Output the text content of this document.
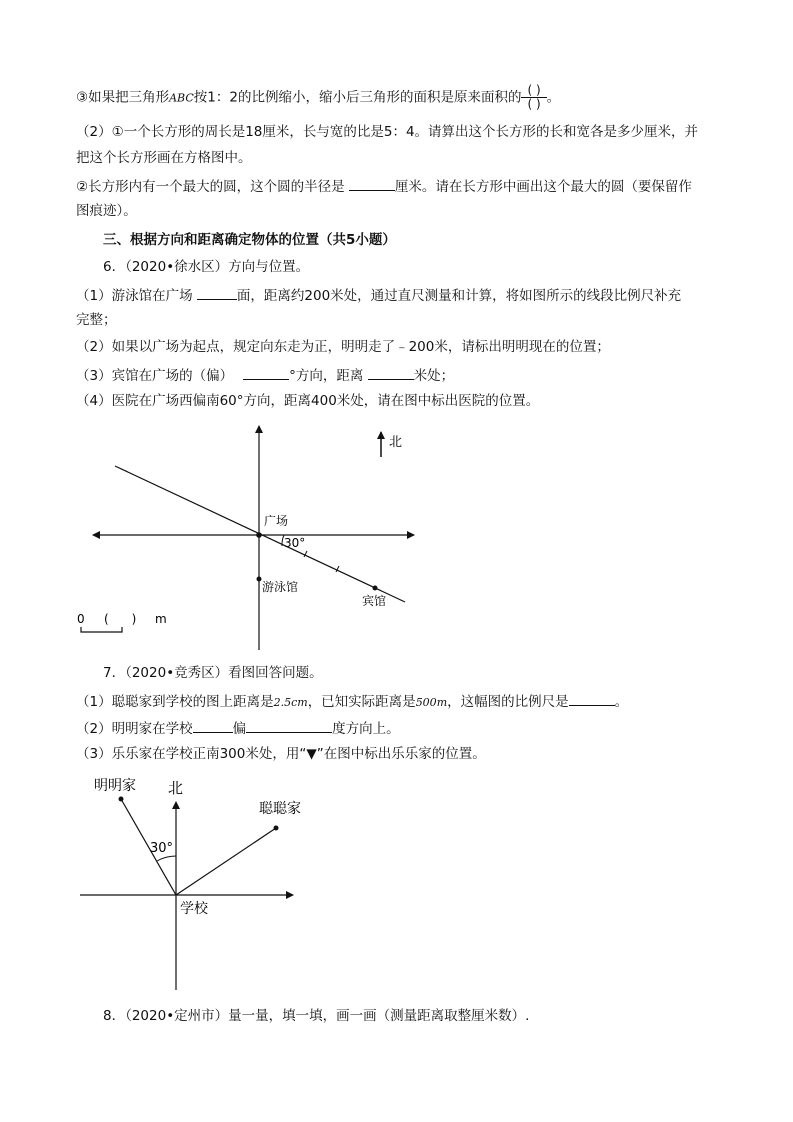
③如果把三角形ABC按1：2的比例缩小，缩小后三角形的面积是原来面积的 $\frac{( )}{( )}$ 。
（2）①一个长方形的周长是18厘米，长与宽的比是5：4。请算出这个长方形的长和宽各是多少厘米，并
把这个长方形画在方格图中。
②长方形内有一个最大的圆，这个圆的半径是	厘米。请在长方形中画出这个最大的圆（要保留作
图痕迹）。
三、根据方向和距离确定物体的位置（共5小题）
6．（2020•徐水区）方向与位置。
（1）游泳馆在广场	面，距离约200米处，通过直尺测量和计算，将如图所示的线段比例尺补充
完整；
（2）如果以广场为起点，规定向东走为正，明明走了﹣200米，请标出明明现在的位置；
（3）宾馆在广场的（偏）	°方向，距离	米处；
（4）医院在广场西偏南60°方向，距离400米处，请在图中标出医院的位置。
北
广场
30°
游泳馆
宾馆
0 (      ) m
7．（2020•竞秀区）看图回答问题。
（1）聪聪家到学校的图上距离是2.5cm，已知实际距离是500m，这幅图的比例尺是	。
（2）明明家在学校	偏	度方向上。
（3）乐乐家在学校正南300米处，用“▼”在图中标出乐乐家的位置。
明明家 北
聪聪家
30°
学校
8．（2020•定州市）量一量，填一填，画一画（测量距离取整厘米数）.
